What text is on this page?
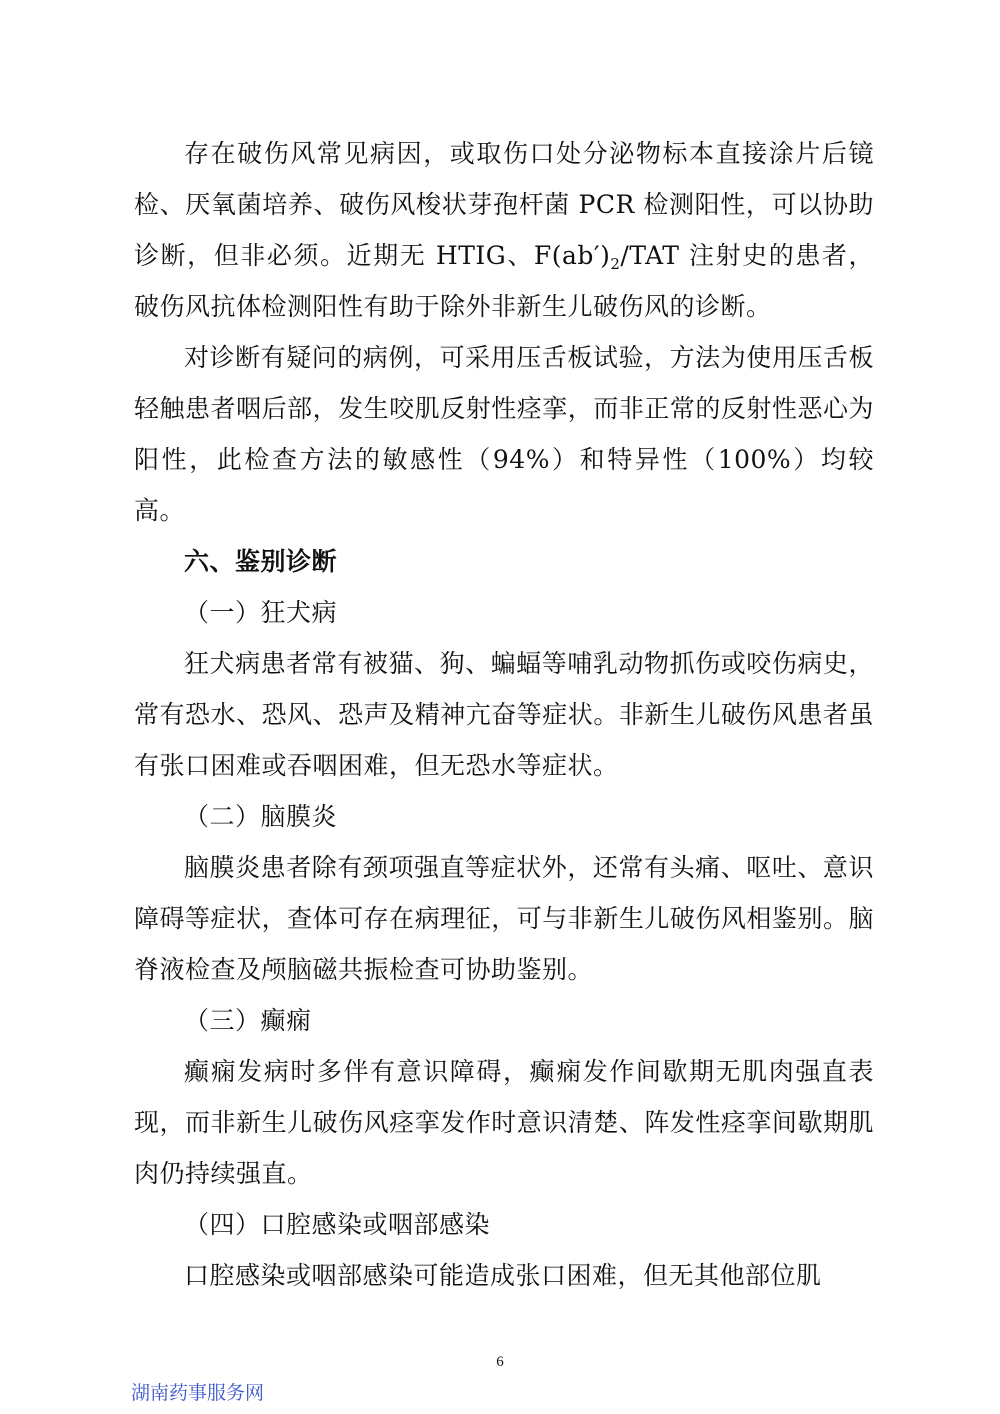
存在破伤风常见病因，或取伤口处分泌物标本直接涂片后镜检、厌氧菌培养、破伤风梭状芽孢杆菌 PCR 检测阳性，可以协助诊断，但非必须。近期无 HTIG、$F(ab')_2$/TAT 注射史的患者，破伤风抗体检测阳性有助于除外非新生儿破伤风的诊断。

对诊断有疑问的病例，可采用压舌板试验，方法为使用压舌板轻触患者咽后部，发生咬肌反射性痉挛，而非正常的反射性恶心为阳性，此检查方法的敏感性（94%）和特异性（100%）均较高。

六、鉴别诊断

（一）狂犬病

狂犬病患者常有被猫、狗、蝙蝠等哺乳动物抓伤或咬伤病史，常有恐水、恐风、恐声及精神亢奋等症状。非新生儿破伤风患者虽有张口困难或吞咽困难，但无恐水等症状。

（二）脑膜炎

脑膜炎患者除有颈项强直等症状外，还常有头痛、呕吐、意识障碍等症状，查体可存在病理征，可与非新生儿破伤风相鉴别。脑脊液检查及颅脑磁共振检查可协助鉴别。

（三）癫痫

癫痫发病时多伴有意识障碍，癫痫发作间歇期无肌肉强直表现，而非新生儿破伤风痉挛发作时意识清楚、阵发性痉挛间歇期肌肉仍持续强直。

（四）口腔感染或咽部感染

口腔感染或咽部感染可能造成张口困难，但无其他部位肌

6
湖南药事服务网
